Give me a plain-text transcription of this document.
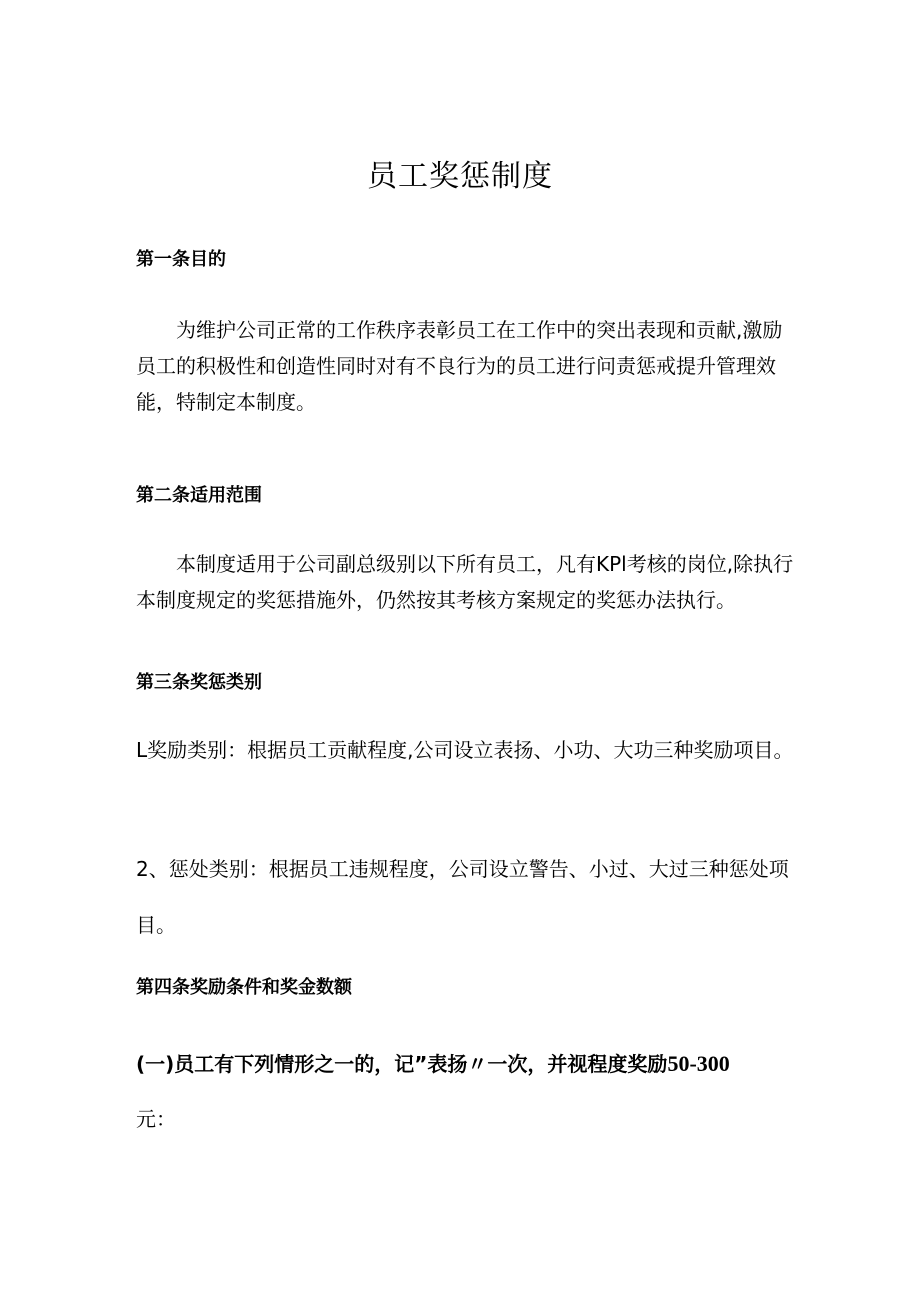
员工奖惩制度
第一条目的

为维护公司正常的工作秩序表彰员工在工作中的突出表现和贡献,激励员工的积极性和创造性同时对有不良行为的员工进行问责惩戒提升管理效能，特制定本制度。

第二条适用范围

本制度适用于公司副总级别以下所有员工，凡有KPl考核的岗位,除执行本制度规定的奖惩措施外，仍然按其考核方案规定的奖惩办法执行。

第三条奖惩类别

L奖励类别：根据员工贡献程度,公司设立表扬、小功、大功三种奖励项目。

2、惩处类别：根据员工违规程度，公司设立警告、小过、大过三种惩处项目。

第四条奖励条件和奖金数额

(一)员工有下列情形之一的，记”表扬〃一次，并视程度奖励50-300

元：
